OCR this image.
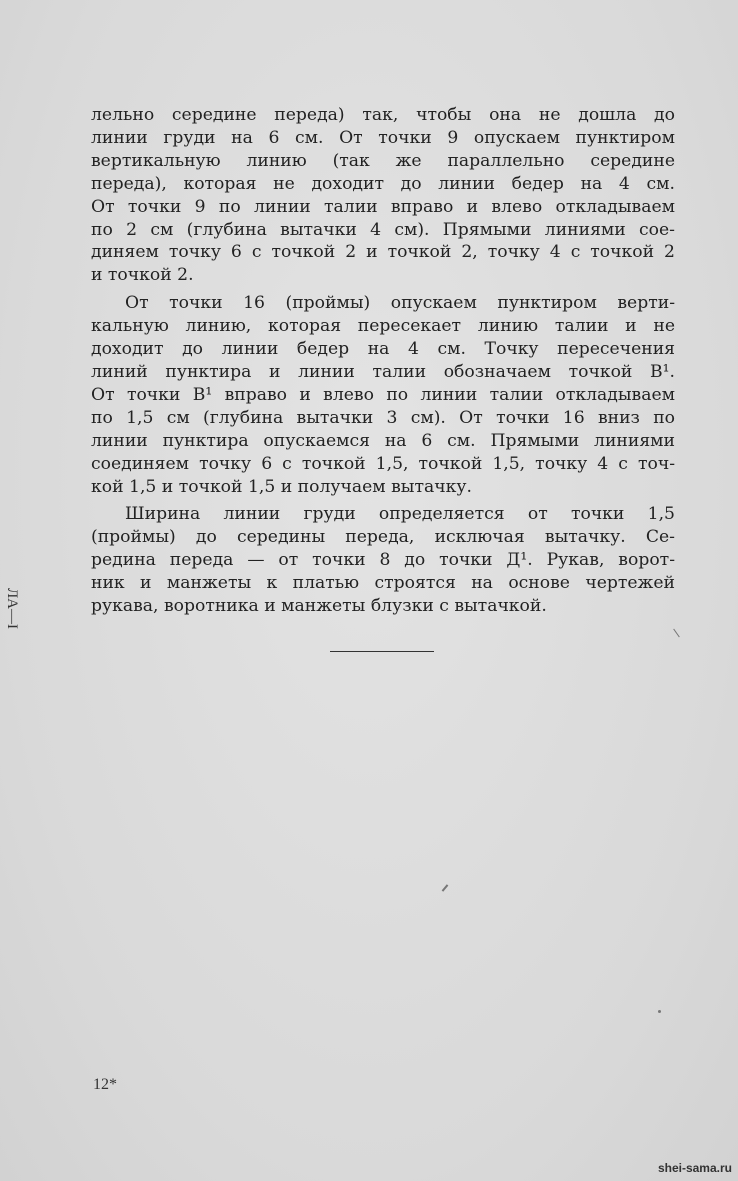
лельно середине переда) так, чтобы она не дошла до
линии груди на 6 см. От точки 9 опускаем пунктиром
вертикальную линию (так же параллельно середине
переда), которая не доходит до линии бедер на 4 см.
От точки 9 по линии талии вправо и влево откладываем
по 2 см (глубина вытачки 4 см). Прямыми линиями сое-
диняем точку 6 с точкой 2 и точкой 2, точку 4 с точкой 2
и точкой 2.

От точки 16 (проймы) опускаем пунктиром верти-
кальную линию, которая пересекает линию талии и не
доходит до линии бедер на 4 см. Точку пересечения
линий пунктира и линии талии обозначаем точкой В¹.
От точки В¹ вправо и влево по линии талии откладываем
по 1,5 см (глубина вытачки 3 см). От точки 16 вниз по
линии пунктира опускаемся на 6 см. Прямыми линиями
соединяем точку 6 с точкой 1,5, точкой 1,5, точку 4 с точ-
кой 1,5 и точкой 1,5 и получаем вытачку.

Ширина линии груди определяется от точки 1,5
(проймы) до середины переда, исключая вытачку. Се-
редина переда — от точки 8 до точки Д¹. Рукав, ворот-
ник и манжеты к платью строятся на основе чертежей
рукава, воротника и манжеты блузки с вытачкой.

ЛА—I
12*
shei-sama.ru
